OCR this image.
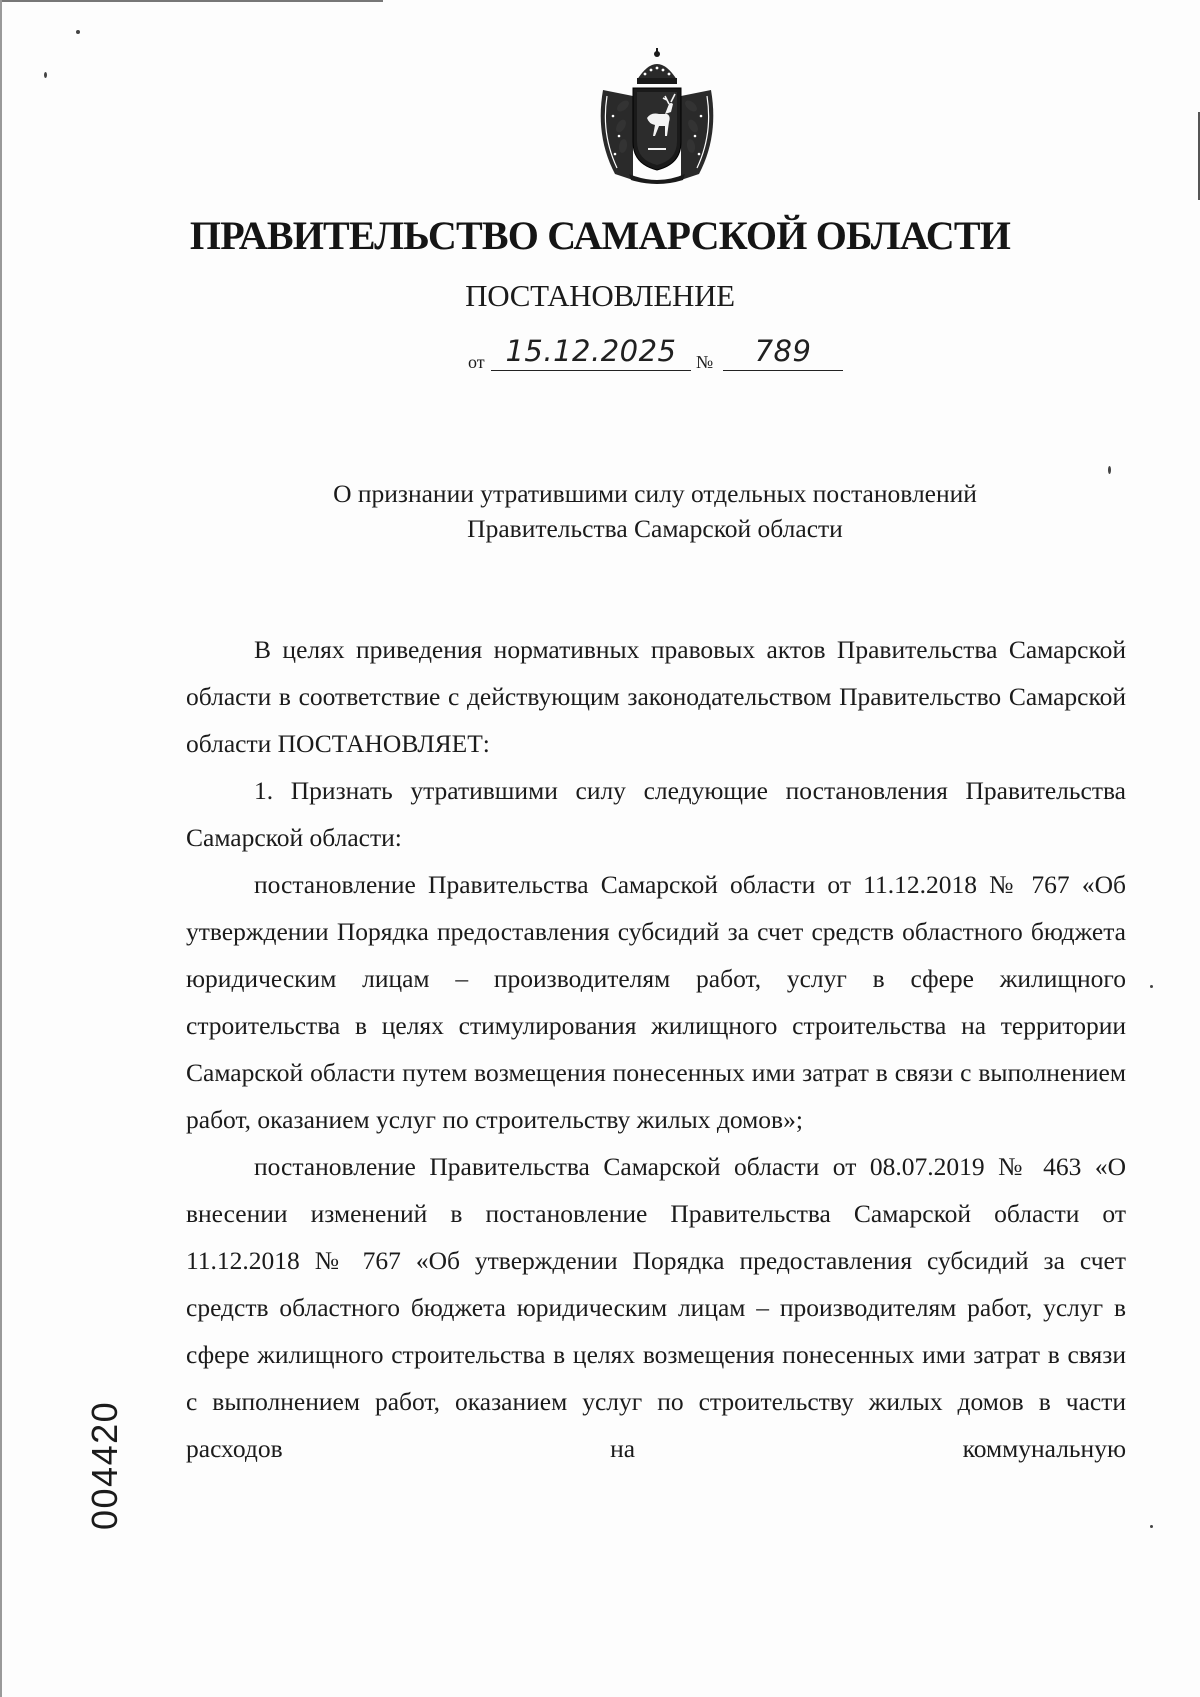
ПРАВИТЕЛЬСТВО САМАРСКОЙ ОБЛАСТИ
ПОСТАНОВЛЕНИЕ
от 15.12.2025	№	789
О признании утратившими силу отдельных постановлений
Правительства Самарской области

В целях приведения нормативных правовых актов Правительства Самарской области в соответствие с действующим законодательством Правительство Самарской области ПОСТАНОВЛЯЕТ:

1. Признать утратившими силу следующие постановления Правительства Самарской области:

постановление Правительства Самарской области от 11.12.2018 № 767 «Об утверждении Порядка предоставления субсидий за счет средств областного бюджета юридическим лицам – производителям работ, услуг в сфере жилищного строительства в целях стимулирования жилищного строительства на территории Самарской области путем возмещения понесенных ими затрат в связи с выполнением работ, оказанием услуг по строительству жилых домов»;

постановление Правительства Самарской области от 08.07.2019 № 463 «О внесении изменений в постановление Правительства Самарской области от 11.12.2018 № 767 «Об утверждении Порядка предоставления субсидий за счет средств областного бюджета юридическим лицам – производителям работ, услуг в сфере жилищного строительства в целях возмещения понесенных ими затрат в связи с выполнением работ, оказанием услуг по строительству жилых домов в части расходов на коммунальную

004420
